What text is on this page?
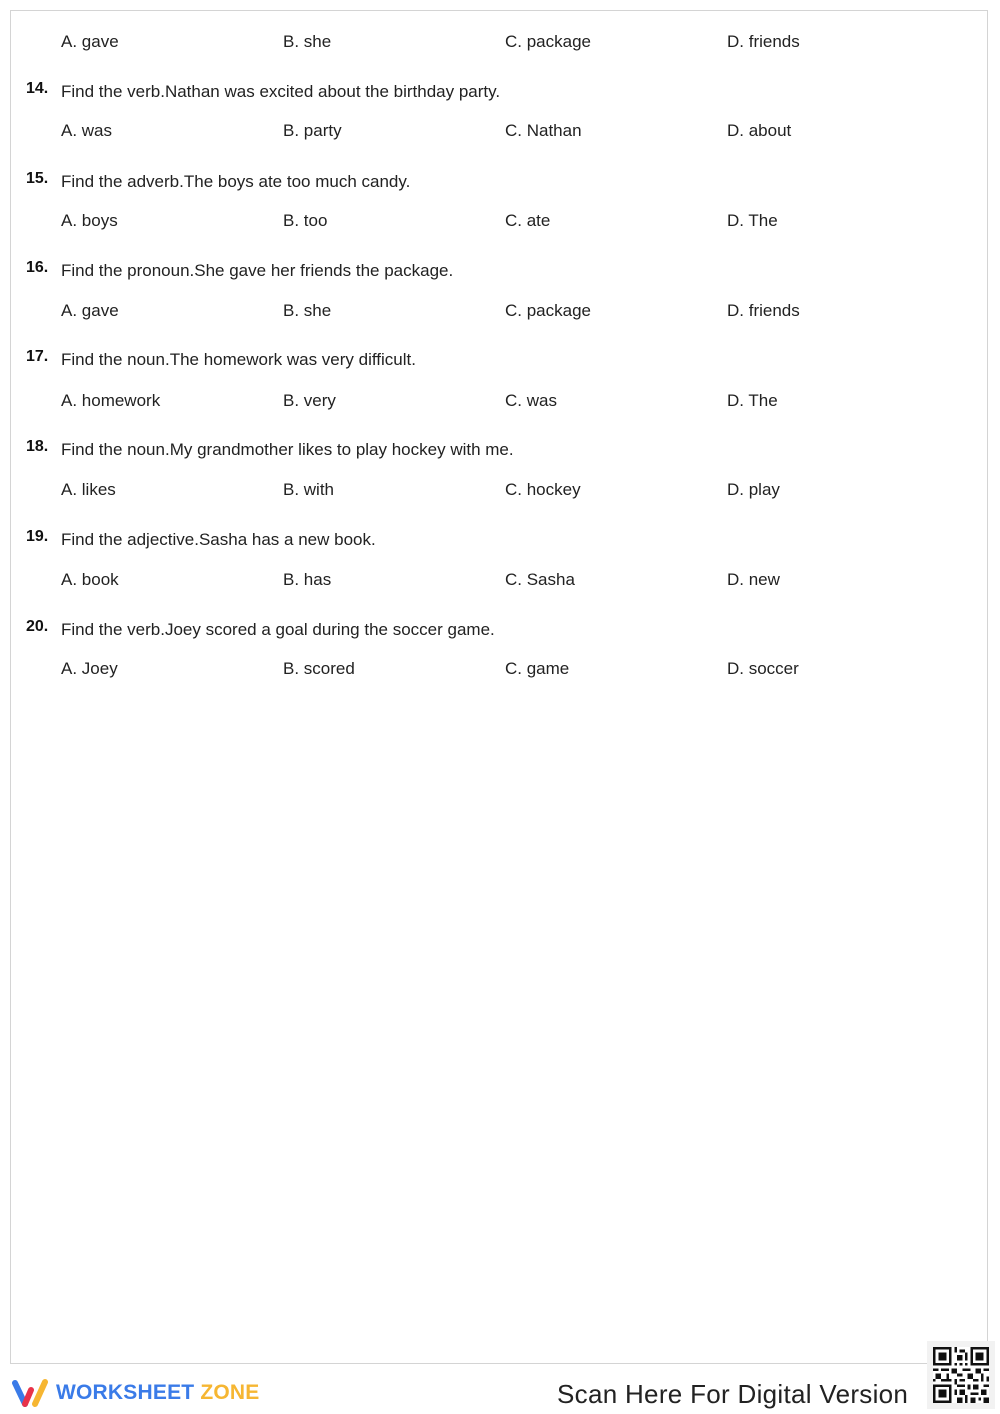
A. gave	B. she	C. package	D. friends
14. Find the verb.Nathan was excited about the birthday party.
A. was	B. party	C. Nathan	D. about
15. Find the adverb.The boys ate too much candy.
A. boys	B. too	C. ate	D. The
16. Find the pronoun.She gave her friends the package.
A. gave	B. she	C. package	D. friends
17. Find the noun.The homework was very difficult.
A. homework	B. very	C. was	D. The
18. Find the noun.My grandmother likes to play hockey with me.
A. likes	B. with	C. hockey	D. play
19. Find the adjective.Sasha has a new book.
A. book	B. has	C. Sasha	D. new
20. Find the verb.Joey scored a goal during the soccer game.
A. Joey	B. scored	C. game	D. soccer
WORKSHEET ZONE	Scan Here For Digital Version
